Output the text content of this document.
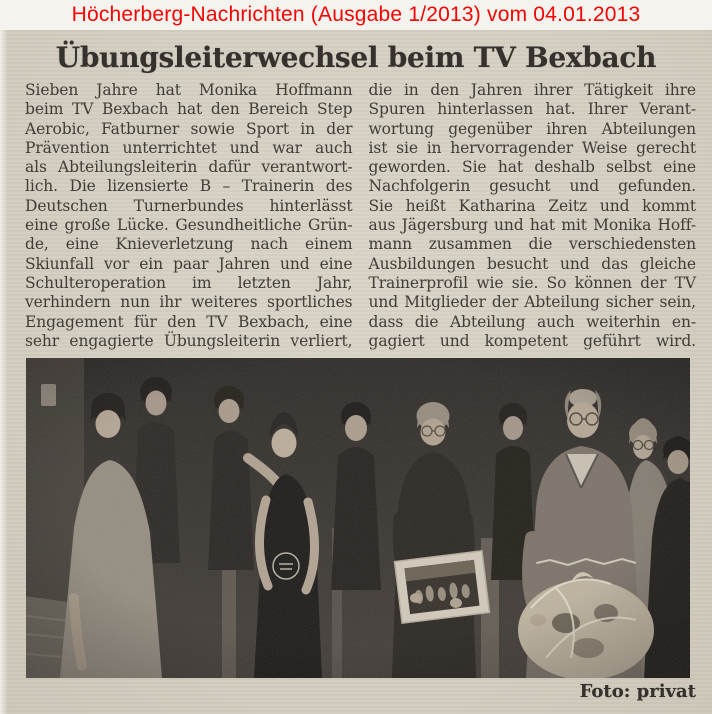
Höcherberg-Nachrichten (Ausgabe 1/2013) vom 04.01.2013
Übungsleiterwechsel beim TV Bexbach
Sieben Jahre hat Monika Hoffmann
beim TV Bexbach hat den Bereich Step
Aerobic, Fatburner sowie Sport in der
Prävention unterrichtet und war auch
als Abteilungsleiterin dafür verantwort-
lich. Die lizensierte B – Trainerin des
Deutschen Turnerbundes hinterlässt
eine große Lücke. Gesundheitliche Grün-
de, eine Knieverletzung nach einem
Skiunfall vor ein paar Jahren und eine
Schulteroperation im letzten Jahr,
verhindern nun ihr weiteres sportliches
Engagement für den TV Bexbach, eine
sehr engagierte Übungsleiterin verliert,
die in den Jahren ihrer Tätigkeit ihre
Spuren hinterlassen hat. Ihrer Verant-
wortung gegenüber ihren Abteilungen
ist sie in hervorragender Weise gerecht
geworden. Sie hat deshalb selbst eine
Nachfolgerin gesucht und gefunden.
Sie heißt Katharina Zeitz und kommt
aus Jägersburg und hat mit Monika Hoff-
mann zusammen die verschiedensten
Ausbildungen besucht und das gleiche
Trainerprofil wie sie. So können der TV
und Mitglieder der Abteilung sicher sein,
dass die Abteilung auch weiterhin en-
gagiert und kompetent geführt wird.
Foto: privat
